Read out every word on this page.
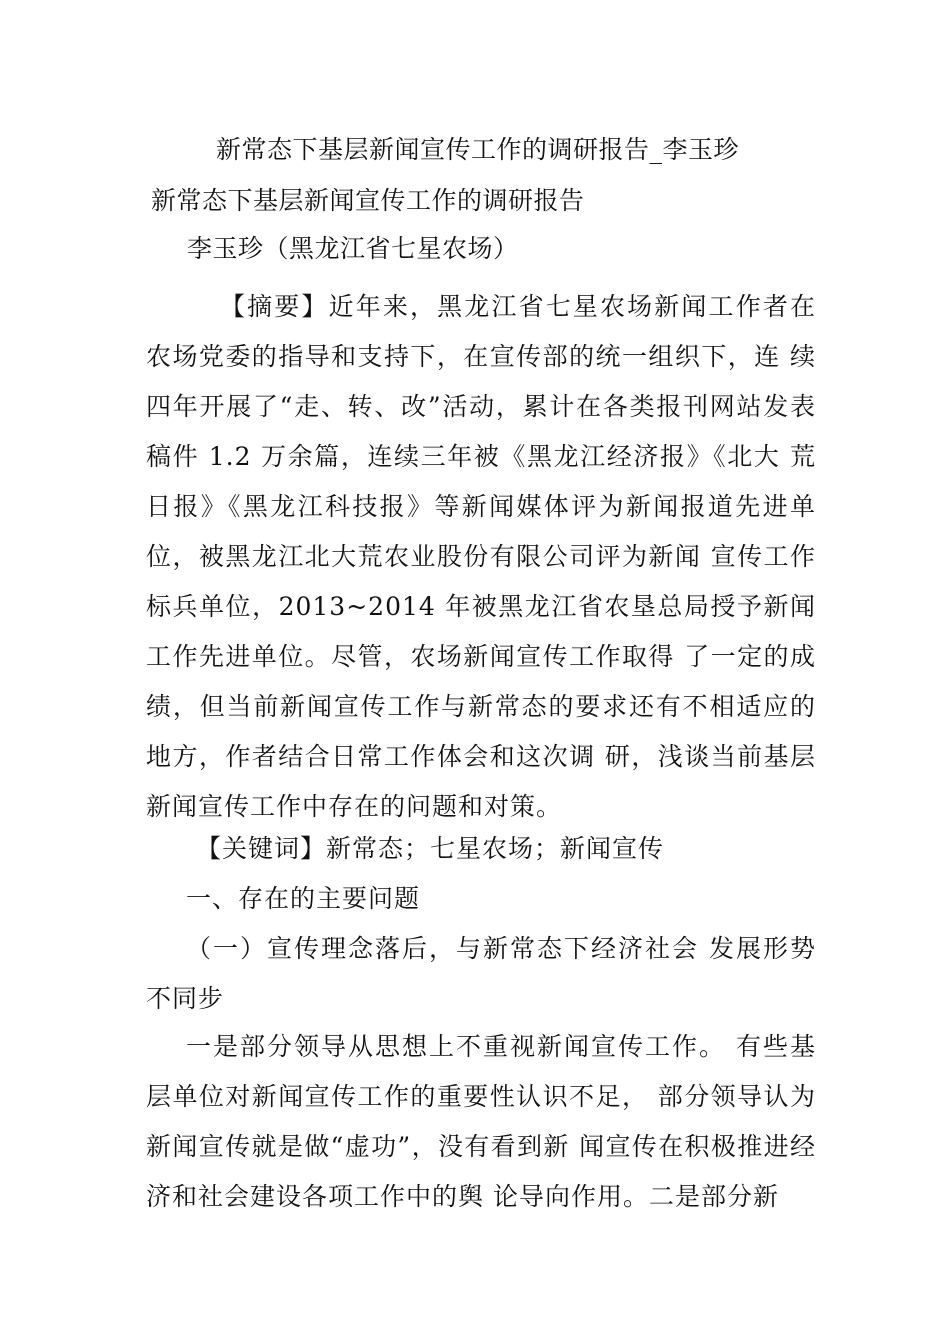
新常态下基层新闻宣传工作的调研报告_李玉珍
新常态下基层新闻宣传工作的调研报告
李玉珍（黑龙江省七星农场）
【摘要】近年来，黑龙江省七星农场新闻工作者在农场党委的指导和支持下，在宣传部的统一组织下，连 续四年开展了“走、转、改”活动，累计在各类报刊网站发表稿件 1.2 万余篇，连续三年被《黑龙江经济报》《北大 荒日报》《黑龙江科技报》等新闻媒体评为新闻报道先进单位，被黑龙江北大荒农业股份有限公司评为新闻 宣传工作标兵单位，2013~2014 年被黑龙江省农垦总局授予新闻工作先进单位。尽管，农场新闻宣传工作取得 了一定的成绩，但当前新闻宣传工作与新常态的要求还有不相适应的地方，作者结合日常工作体会和这次调 研，浅谈当前基层新闻宣传工作中存在的问题和对策。
【关键词】新常态；七星农场；新闻宣传
一、存在的主要问题
（一）宣传理念落后，与新常态下经济社会 发展形势不同步
一是部分领导从思想上不重视新闻宣传工作。 有些基层单位对新闻宣传工作的重要性认识不足， 部分领导认为新闻宣传就是做“虚功”，没有看到新 闻宣传在积极推进经济和社会建设各项工作中的舆 论导向作用。二是部分新
